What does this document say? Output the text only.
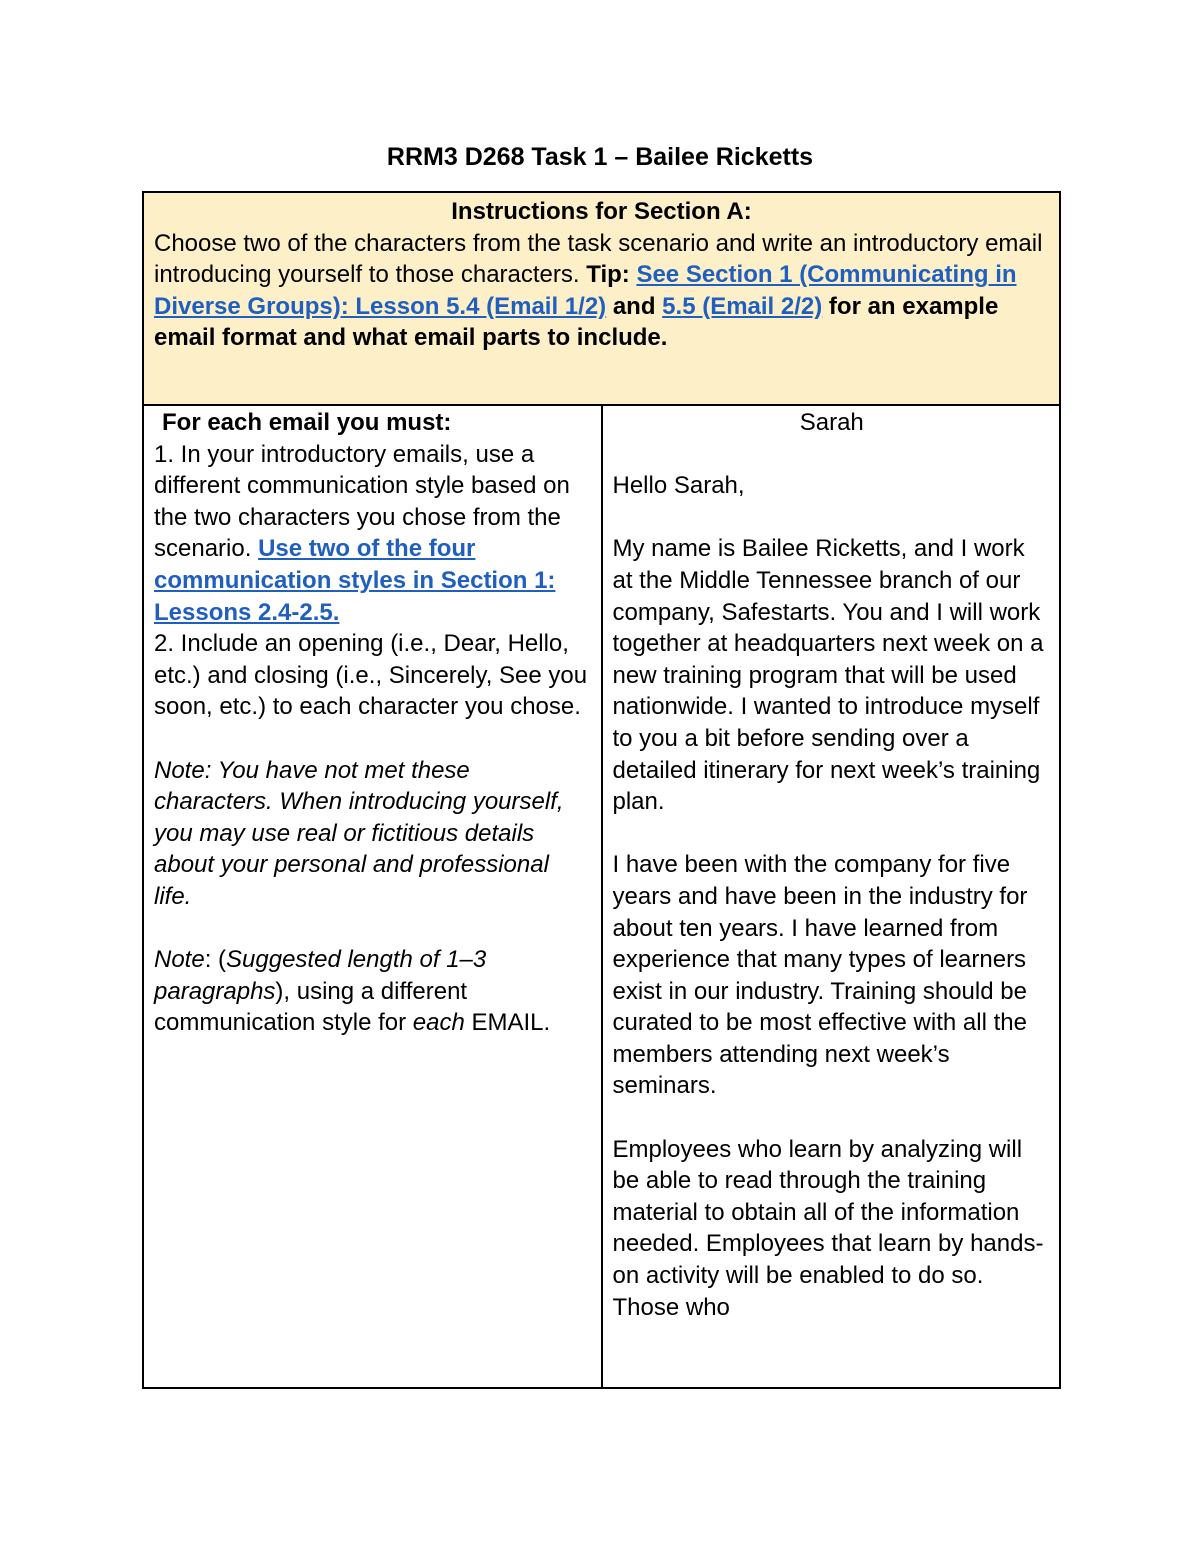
RRM3 D268 Task 1 – Bailee Ricketts
Instructions for Section A:
Choose two of the characters from the task scenario and write an introductory email introducing yourself to those characters. Tip: See Section 1 (Communicating in Diverse Groups): Lesson 5.4 (Email 1/2) and 5.5 (Email 2/2) for an example email format and what email parts to include.

For each email you must:

1. In your introductory emails, use a different communication style based on the two characters you chose from the scenario. Use two of the four communication styles in Section 1: Lessons 2.4-2.5.

2. Include an opening (i.e., Dear, Hello, etc.) and closing (i.e., Sincerely, See you soon, etc.) to each character you chose.

Note: You have not met these characters. When introducing yourself, you may use real or fictitious details about your personal and professional life.

Note: (Suggested length of 1–3 paragraphs), using a different communication style for each EMAIL.

Sarah

Hello Sarah,

My name is Bailee Ricketts, and I work at the Middle Tennessee branch of our company, Safestarts. You and I will work together at headquarters next week on a new training program that will be used nationwide. I wanted to introduce myself to you a bit before sending over a detailed itinerary for next week’s training plan.

I have been with the company for five years and have been in the industry for about ten years. I have learned from experience that many types of learners exist in our industry. Training should be curated to be most effective with all the members attending next week’s seminars.

Employees who learn by analyzing will be able to read through the training material to obtain all of the information needed. Employees that learn by hands-on activity will be enabled to do so. Those who
